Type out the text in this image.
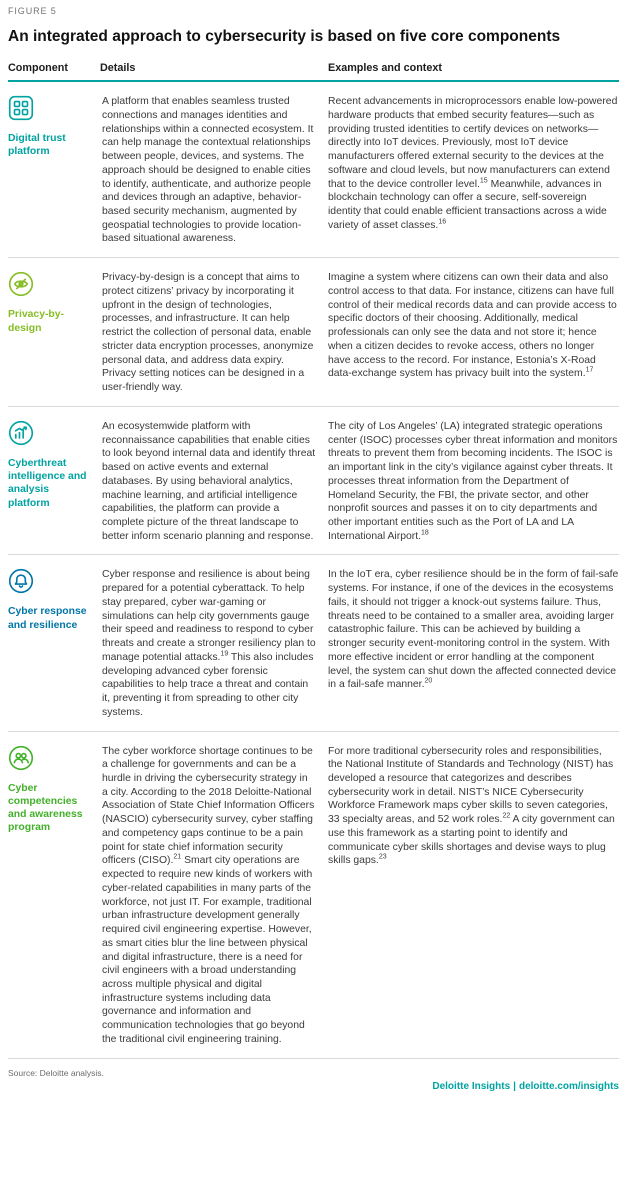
FIGURE 5
An integrated approach to cybersecurity is based on five core components
Component	Details	Examples and context
Digital trust platform
A platform that enables seamless trusted connections and manages identities and relationships within a connected ecosystem. It can help manage the contextual relationships between people, devices, and systems. The approach should be designed to enable cities to identify, authenticate, and authorize people and devices through an adaptive, behavior-based security mechanism, augmented by geospatial technologies to provide location-based situational awareness.
Recent advancements in microprocessors enable low-powered hardware products that embed security features—such as providing trusted identities to certify devices on networks—directly into IoT devices. Previously, most IoT device manufacturers offered external security to the devices at the software and cloud levels, but now manufacturers can extend that to the device controller level.$^{15}$ Meanwhile, advances in blockchain technology can offer a secure, self-sovereign identity that could enable efficient transactions across a wide variety of asset classes.$^{16}$
Privacy-by-design
Privacy-by-design is a concept that aims to protect citizens’ privacy by incorporating it upfront in the design of technologies, processes, and infrastructure. It can help restrict the collection of personal data, enable stricter data encryption processes, anonymize personal data, and address data expiry. Privacy setting notices can be designed in a user-friendly way.
Imagine a system where citizens can own their data and also control access to that data. For instance, citizens can have full control of their medical records data and can provide access to specific doctors of their choosing. Additionally, medical professionals can only see the data and not store it; hence when a citizen decides to revoke access, others no longer have access to the record. For instance, Estonia’s X-Road data-exchange system has privacy built into the system.$^{17}$
Cyberthreat intelligence and analysis platform
An ecosystemwide platform with reconnaissance capabilities that enable cities to look beyond internal data and identify threat based on active events and external databases. By using behavioral analytics, machine learning, and artificial intelligence capabilities, the platform can provide a complete picture of the threat landscape to better inform scenario planning and response.
The city of Los Angeles’ (LA) integrated strategic operations center (ISOC) processes cyber threat information and monitors threats to prevent them from becoming incidents. The ISOC is an important link in the city’s vigilance against cyber threats. It processes threat information from the Department of Homeland Security, the FBI, the private sector, and other nonprofit sources and passes it on to city departments and other important entities such as the Port of LA and LA International Airport.$^{18}$
Cyber response and resilience
Cyber response and resilience is about being prepared for a potential cyberattack. To help stay prepared, cyber war-gaming or simulations can help city governments gauge their speed and readiness to respond to cyber threats and create a stronger resiliency plan to manage potential attacks.$^{19}$ This also includes developing advanced cyber forensic capabilities to help trace a threat and contain it, preventing it from spreading to other city systems.
In the IoT era, cyber resilience should be in the form of fail-safe systems. For instance, if one of the devices in the ecosystems fails, it should not trigger a knock-out systems failure. Thus, threats need to be contained to a smaller area, avoiding larger catastrophic failure. This can be achieved by building a stronger security event-monitoring control in the system. With more effective incident or error handling at the component level, the system can shut down the affected connected device in a fail-safe manner.$^{20}$
Cyber competencies and awareness program
The cyber workforce shortage continues to be a challenge for governments and can be a hurdle in driving the cybersecurity strategy in a city. According to the 2018 Deloitte-National Association of State Chief Information Officers (NASCIO) cybersecurity survey, cyber staffing and competency gaps continue to be a pain point for state chief information security officers (CISO).$^{21}$ Smart city operations are expected to require new kinds of workers with cyber-related capabilities in many parts of the workforce, not just IT. For example, traditional urban infrastructure development generally required civil engineering expertise. However, as smart cities blur the line between physical and digital infrastructure, there is a need for civil engineers with a broad understanding across multiple physical and digital infrastructure systems including data governance and information and communication technologies that go beyond the traditional civil engineering training.
For more traditional cybersecurity roles and responsibilities, the National Institute of Standards and Technology (NIST) has developed a resource that categorizes and describes cybersecurity work in detail. NIST’s NICE Cybersecurity Workforce Framework maps cyber skills to seven categories, 33 specialty areas, and 52 work roles.$^{22}$ A city government can use this framework as a starting point to identify and communicate cyber skills shortages and devise ways to plug skills gaps.$^{23}$
Source: Deloitte analysis.
Deloitte Insights | deloitte.com/insights
